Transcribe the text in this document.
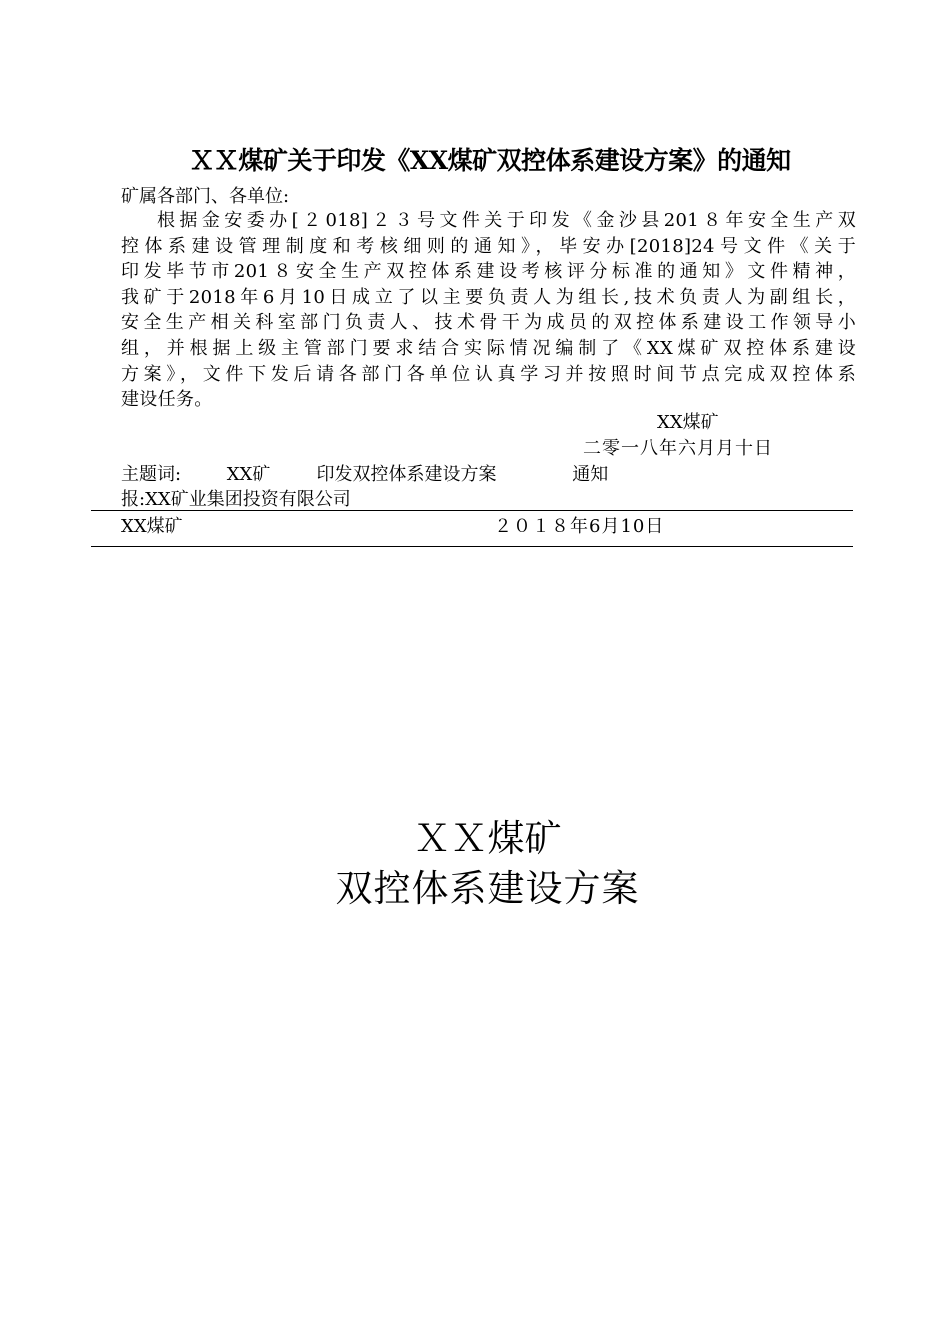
ＸＸ煤矿关于印发《XX煤矿双控体系建设方案》的通知
矿属各部门、各单位:
根据金安委办[２018]２３号文件关于印发《金沙县201８年安全生产双
控体系建设管理制度和考核细则的通知》，毕安办[2018]24号文件《关于
印发毕节市201８安全生产双控体系建设考核评分标准的通知》文件精神，
我矿于2018年6月10日成立了以主要负责人为组长,技术负责人为副组长，
安全生产相关科室部门负责人、技术骨干为成员的双控体系建设工作领导小
组，并根据上级主管部门要求结合实际情况编制了《XX煤矿双控体系建设
方案》，文件下发后请各部门各单位认真学习并按照时间节点完成双控体系
建设任务。
XX煤矿
二零一八年六月月十日
主题词:	XX矿	印发双控体系建设方案	通知
报:XX矿业集团投资有限公司
XX煤矿	２０１８年6月10日
ＸＸ煤矿
双控体系建设方案
